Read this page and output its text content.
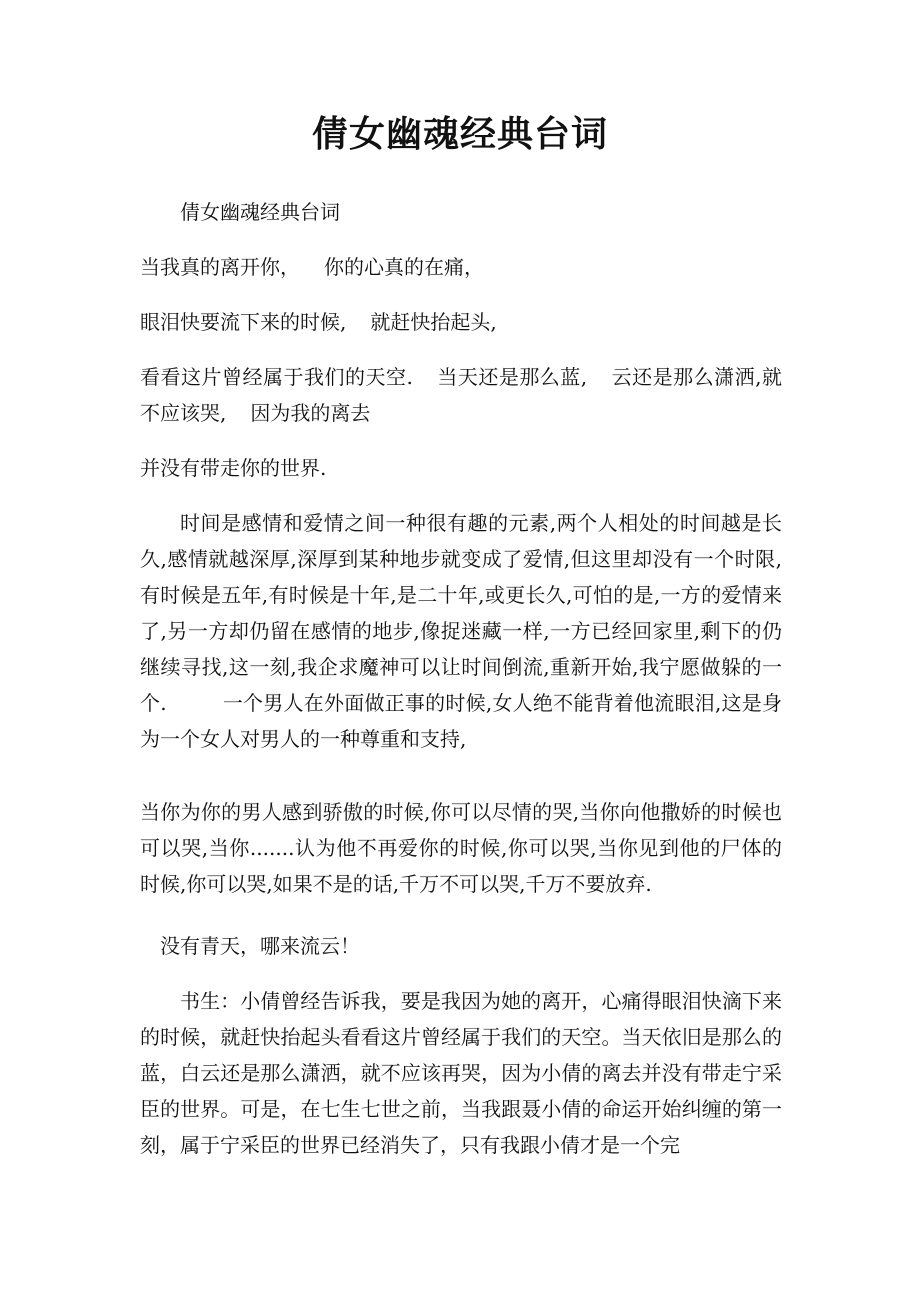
倩女幽魂经典台词

倩女幽魂经典台词

当我真的离开你， 你的心真的在痛，

眼泪快要流下来的时候, 就赶快抬起头,

看看这片曾经属于我们的天空. 当天还是那么蓝, 云还是那么潇洒,就不应该哭, 因为我的离去

并没有带走你的世界.

时间是感情和爱情之间一种很有趣的元素,两个人相处的时间越是长久,感情就越深厚,深厚到某种地步就变成了爱情,但这里却没有一个时限,有时候是五年,有时候是十年,是二十年,或更长久,可怕的是,一方的爱情来了,另一方却仍留在感情的地步,像捉迷藏一样,一方已经回家里,剩下的仍继续寻找,这一刻,我企求魔神可以让时间倒流,重新开始,我宁愿做躲的一个.	一个男人在外面做正事的时候,女人绝不能背着他流眼泪,这是身为一个女人对男人的一种尊重和支持,

当你为你的男人感到骄傲的时候,你可以尽情的哭,当你向他撒娇的时候也可以哭,当你.......认为他不再爱你的时候,你可以哭,当你见到他的尸体的时候,你可以哭,如果不是的话,千万不可以哭,千万不要放弃.

没有青天，哪来流云！

书生：小倩曾经告诉我，要是我因为她的离开，心痛得眼泪快滴下来的时候，就赶快抬起头看看这片曾经属于我们的天空。当天依旧是那么的蓝，白云还是那么潇洒，就不应该再哭，因为小倩的离去并没有带走宁采臣的世界。可是，在七生七世之前，当我跟聂小倩的命运开始纠缠的第一刻，属于宁采臣的世界已经消失了，只有我跟小倩才是一个完
